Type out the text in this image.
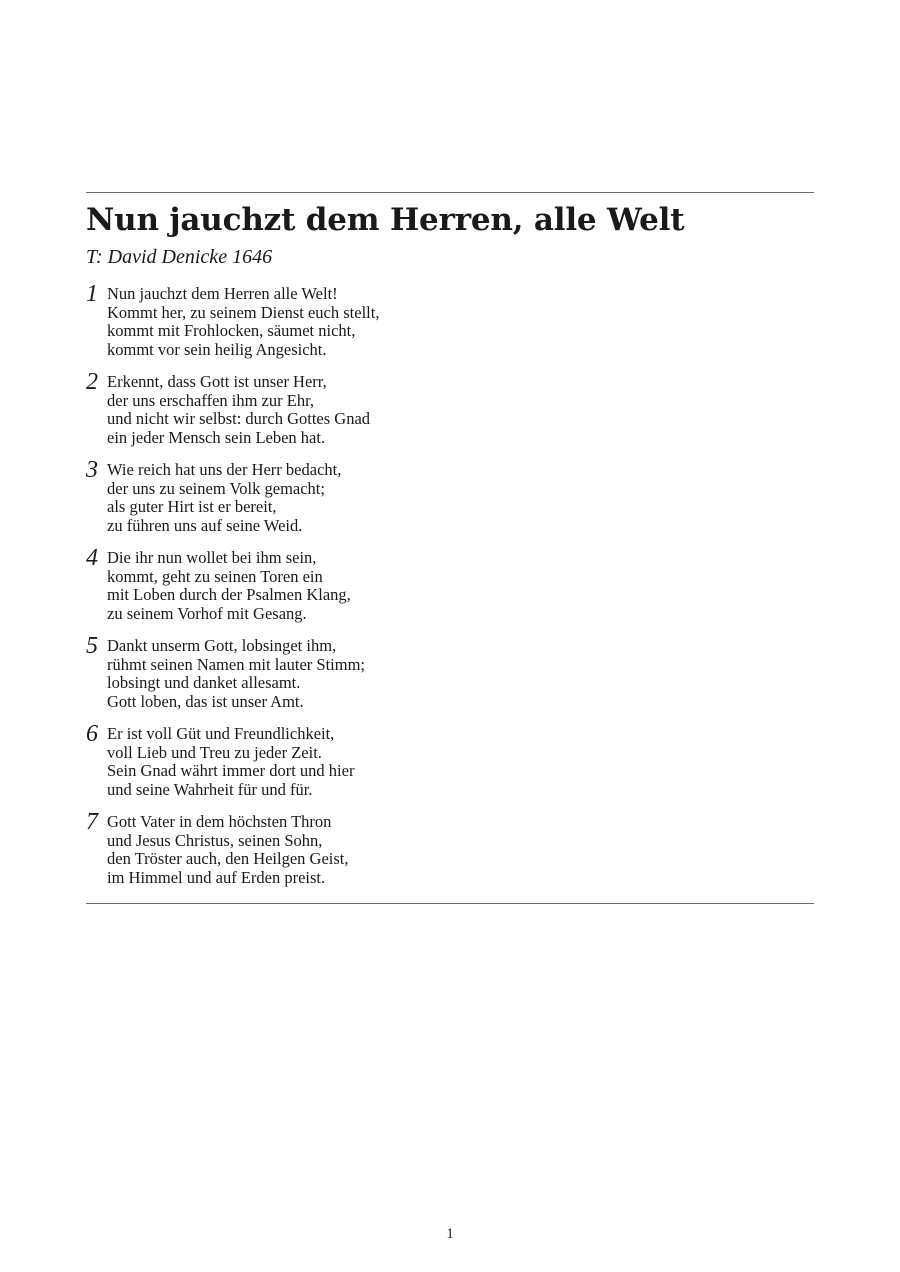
Nun jauchzt dem Herren, alle Welt
T: David Denicke 1646
1 Nun jauchzt dem Herren alle Welt!
Kommt her, zu seinem Dienst euch stellt,
kommt mit Frohlocken, säumet nicht,
kommt vor sein heilig Angesicht.
2 Erkennt, dass Gott ist unser Herr,
der uns erschaffen ihm zur Ehr,
und nicht wir selbst: durch Gottes Gnad
ein jeder Mensch sein Leben hat.
3 Wie reich hat uns der Herr bedacht,
der uns zu seinem Volk gemacht;
als guter Hirt ist er bereit,
zu führen uns auf seine Weid.
4 Die ihr nun wollet bei ihm sein,
kommt, geht zu seinen Toren ein
mit Loben durch der Psalmen Klang,
zu seinem Vorhof mit Gesang.
5 Dankt unserm Gott, lobsinget ihm,
rühmt seinen Namen mit lauter Stimm;
lobsingt und danket allesamt.
Gott loben, das ist unser Amt.
6 Er ist voll Güt und Freundlichkeit,
voll Lieb und Treu zu jeder Zeit.
Sein Gnad währt immer dort und hier
und seine Wahrheit für und für.
7 Gott Vater in dem höchsten Thron
und Jesus Christus, seinen Sohn,
den Tröster auch, den Heilgen Geist,
im Himmel und auf Erden preist.
1
